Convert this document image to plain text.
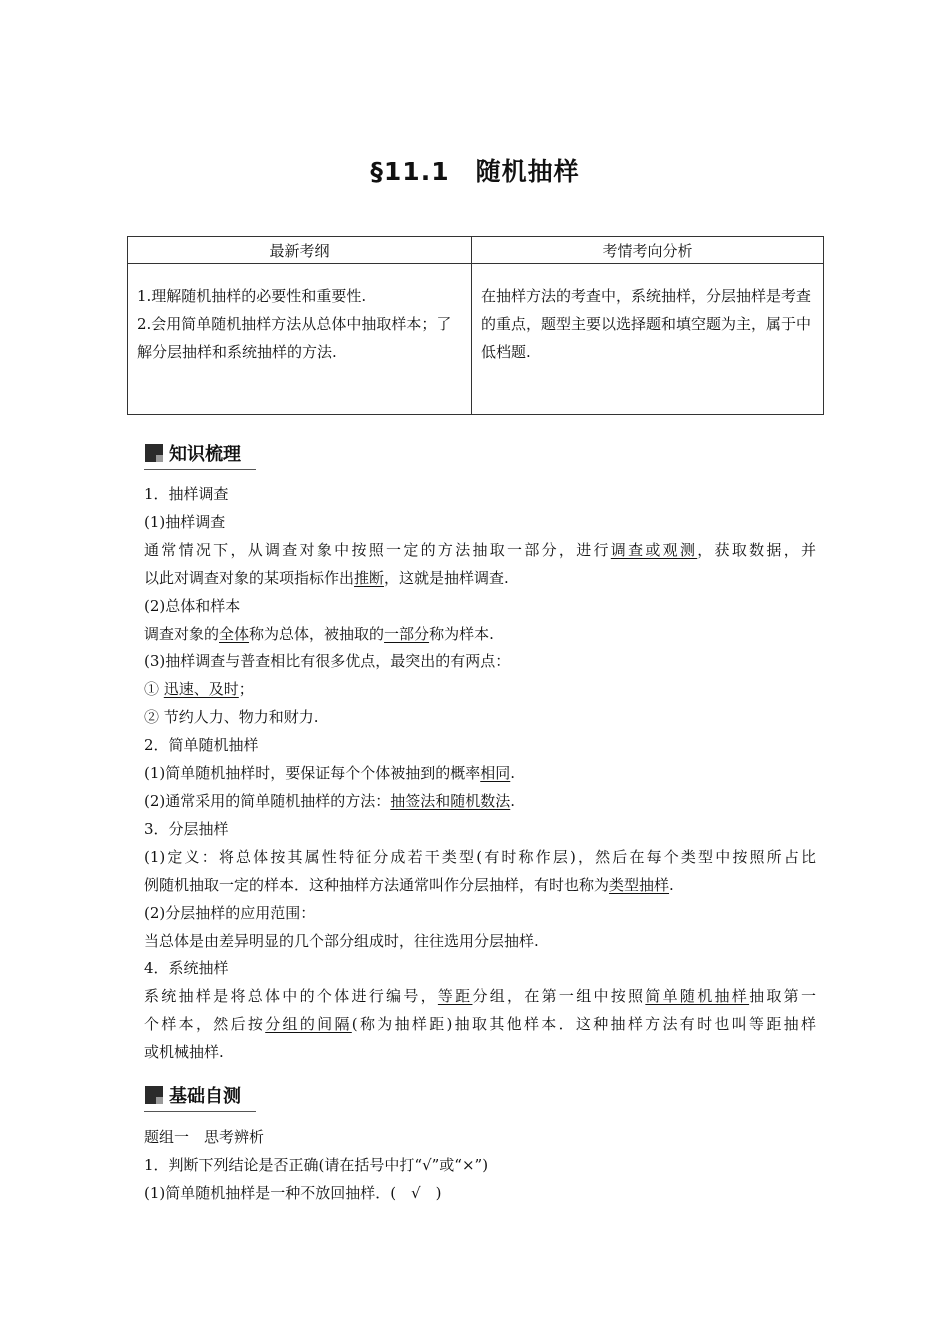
§11.1　随机抽样
最新考纲	考情考向分析

1.理解随机抽样的必要性和重要性.
2.会用简单随机抽样方法从总体中抽取样本；了解分层抽样和系统抽样的方法.	在抽样方法的考查中，系统抽样，分层抽样是考查的重点，题型主要以选择题和填空题为主，属于中低档题.
知识梳理

1．抽样调查

(1)抽样调查

通常情况下，从调查对象中按照一定的方法抽取一部分，进行调查或观测，获取数据，并

以此对调查对象的某项指标作出推断，这就是抽样调查.

(2)总体和样本

调查对象的全体称为总体，被抽取的一部分称为样本.

(3)抽样调查与普查相比有很多优点，最突出的有两点：

① 迅速、及时；

② 节约人力、物力和财力.

2．简单随机抽样

(1)简单随机抽样时，要保证每个个体被抽到的概率相同.

(2)通常采用的简单随机抽样的方法：抽签法和随机数法.

3．分层抽样

(1)定义：将总体按其属性特征分成若干类型(有时称作层)，然后在每个类型中按照所占比

例随机抽取一定的样本．这种抽样方法通常叫作分层抽样，有时也称为类型抽样.

(2)分层抽样的应用范围：

当总体是由差异明显的几个部分组成时，往往选用分层抽样.

4．系统抽样

系统抽样是将总体中的个体进行编号，等距分组，在第一组中按照简单随机抽样抽取第一

个样本，然后按分组的间隔(称为抽样距)抽取其他样本．这种抽样方法有时也叫等距抽样

或机械抽样.

基础自测

题组一　思考辨析

1．判断下列结论是否正确(请在括号中打“√”或“×”)

(1)简单随机抽样是一种不放回抽样．(　√　)
